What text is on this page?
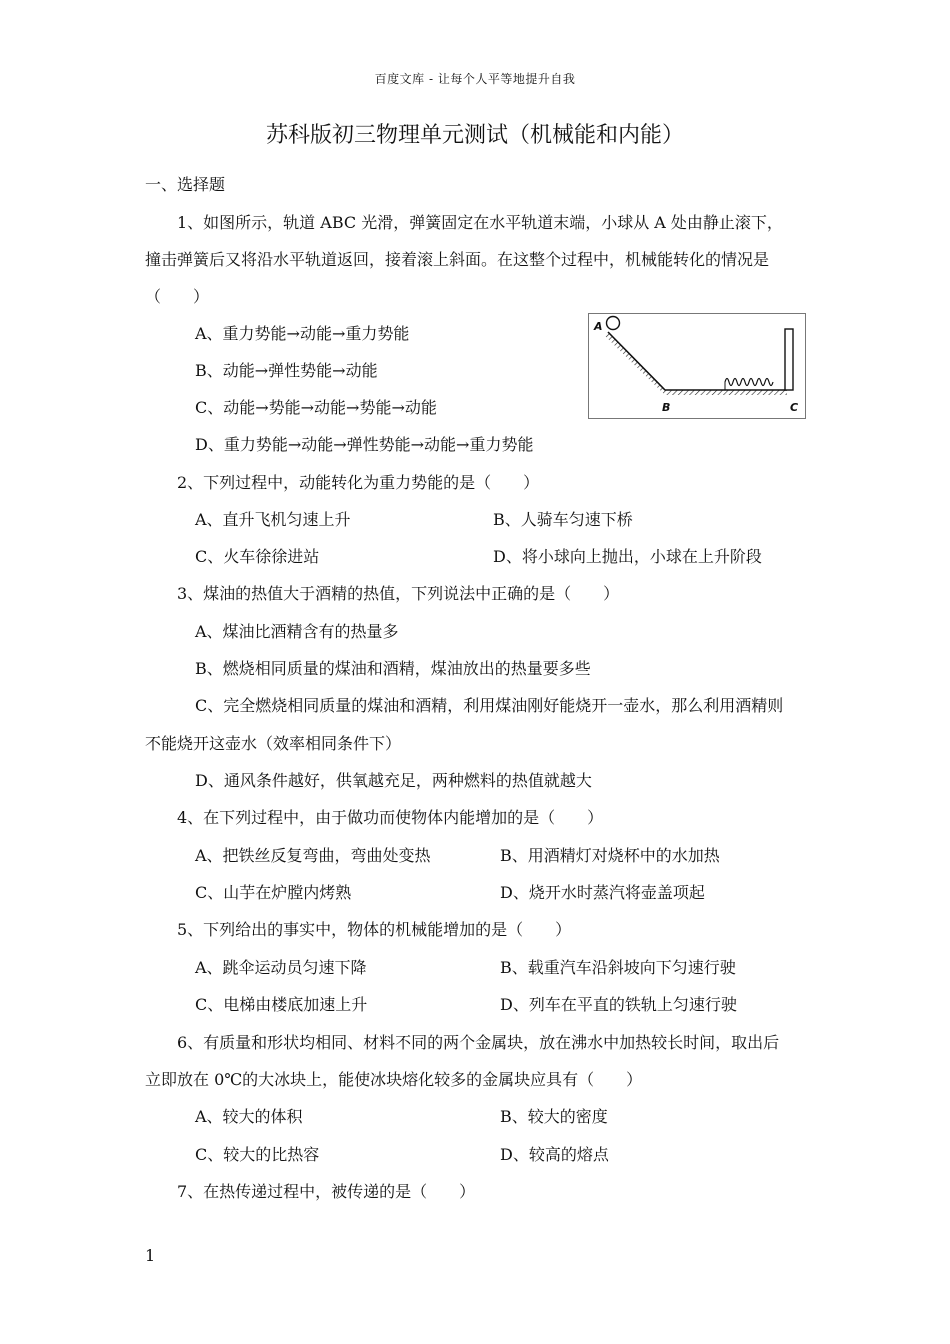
百度文库 - 让每个人平等地提升自我
苏科版初三物理单元测试（机械能和内能）
一、选择题
1、如图所示，轨道 ABC 光滑，弹簧固定在水平轨道末端，小球从 A 处由静止滚下，
撞击弹簧后又将沿水平轨道返回，接着滚上斜面。在这整个过程中，机械能转化的情况是
（　　）
A、重力势能→动能→重力势能
B、动能→弹性势能→动能
C、动能→势能→动能→势能→动能
D、重力势能→动能→弹性势能→动能→重力势能
A
B	C
2、下列过程中，动能转化为重力势能的是（　　）
A、直升飞机匀速上升	B、人骑车匀速下桥
C、火车徐徐进站	D、将小球向上抛出，小球在上升阶段
3、煤油的热值大于酒精的热值，下列说法中正确的是（　　）
A、煤油比酒精含有的热量多
B、燃烧相同质量的煤油和酒精，煤油放出的热量要多些
C、完全燃烧相同质量的煤油和酒精，利用煤油刚好能烧开一壶水，那么利用酒精则
不能烧开这壶水（效率相同条件下）
D、通风条件越好，供氧越充足，两种燃料的热值就越大
4、在下列过程中，由于做功而使物体内能增加的是（　　）
A、把铁丝反复弯曲，弯曲处变热	B、用酒精灯对烧杯中的水加热
C、山芋在炉膛内烤熟	D、烧开水时蒸汽将壶盖项起
5、下列给出的事实中，物体的机械能增加的是（　　）
A、跳伞运动员匀速下降	B、载重汽车沿斜坡向下匀速行驶
C、电梯由楼底加速上升	D、列车在平直的铁轨上匀速行驶
6、有质量和形状均相同、材料不同的两个金属块，放在沸水中加热较长时间，取出后
立即放在 0℃的大冰块上，能使冰块熔化较多的金属块应具有（　　）
A、较大的体积	B、较大的密度
C、较大的比热容	D、较高的熔点
7、在热传递过程中，被传递的是（　　）
1
